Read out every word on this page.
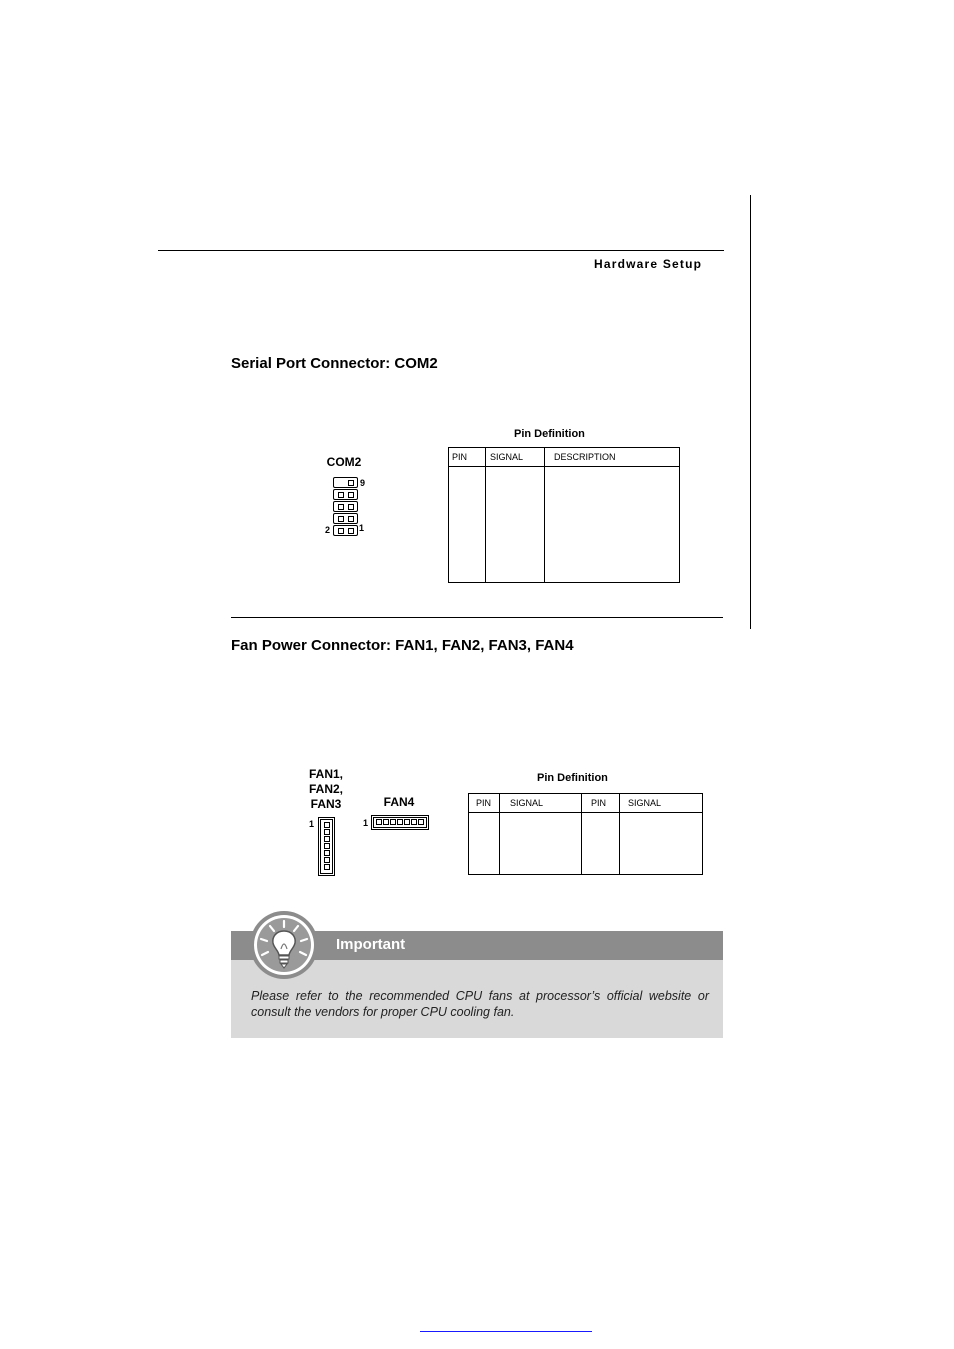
Hardware Setup
Serial Port Connector: COM2
COM2
9
2	1
Pin Definition
PIN	SIGNAL	DESCRIPTION

Fan Power Connector: FAN1, FAN2, FAN3, FAN4
FAN1,
FAN2,
FAN3	FAN4
1	1
Pin Definition
PIN	SIGNAL	PIN	SIGNAL

Important
Please refer to the recommended CPU fans at processor’s official website or consult the vendors for proper CPU cooling fan.
